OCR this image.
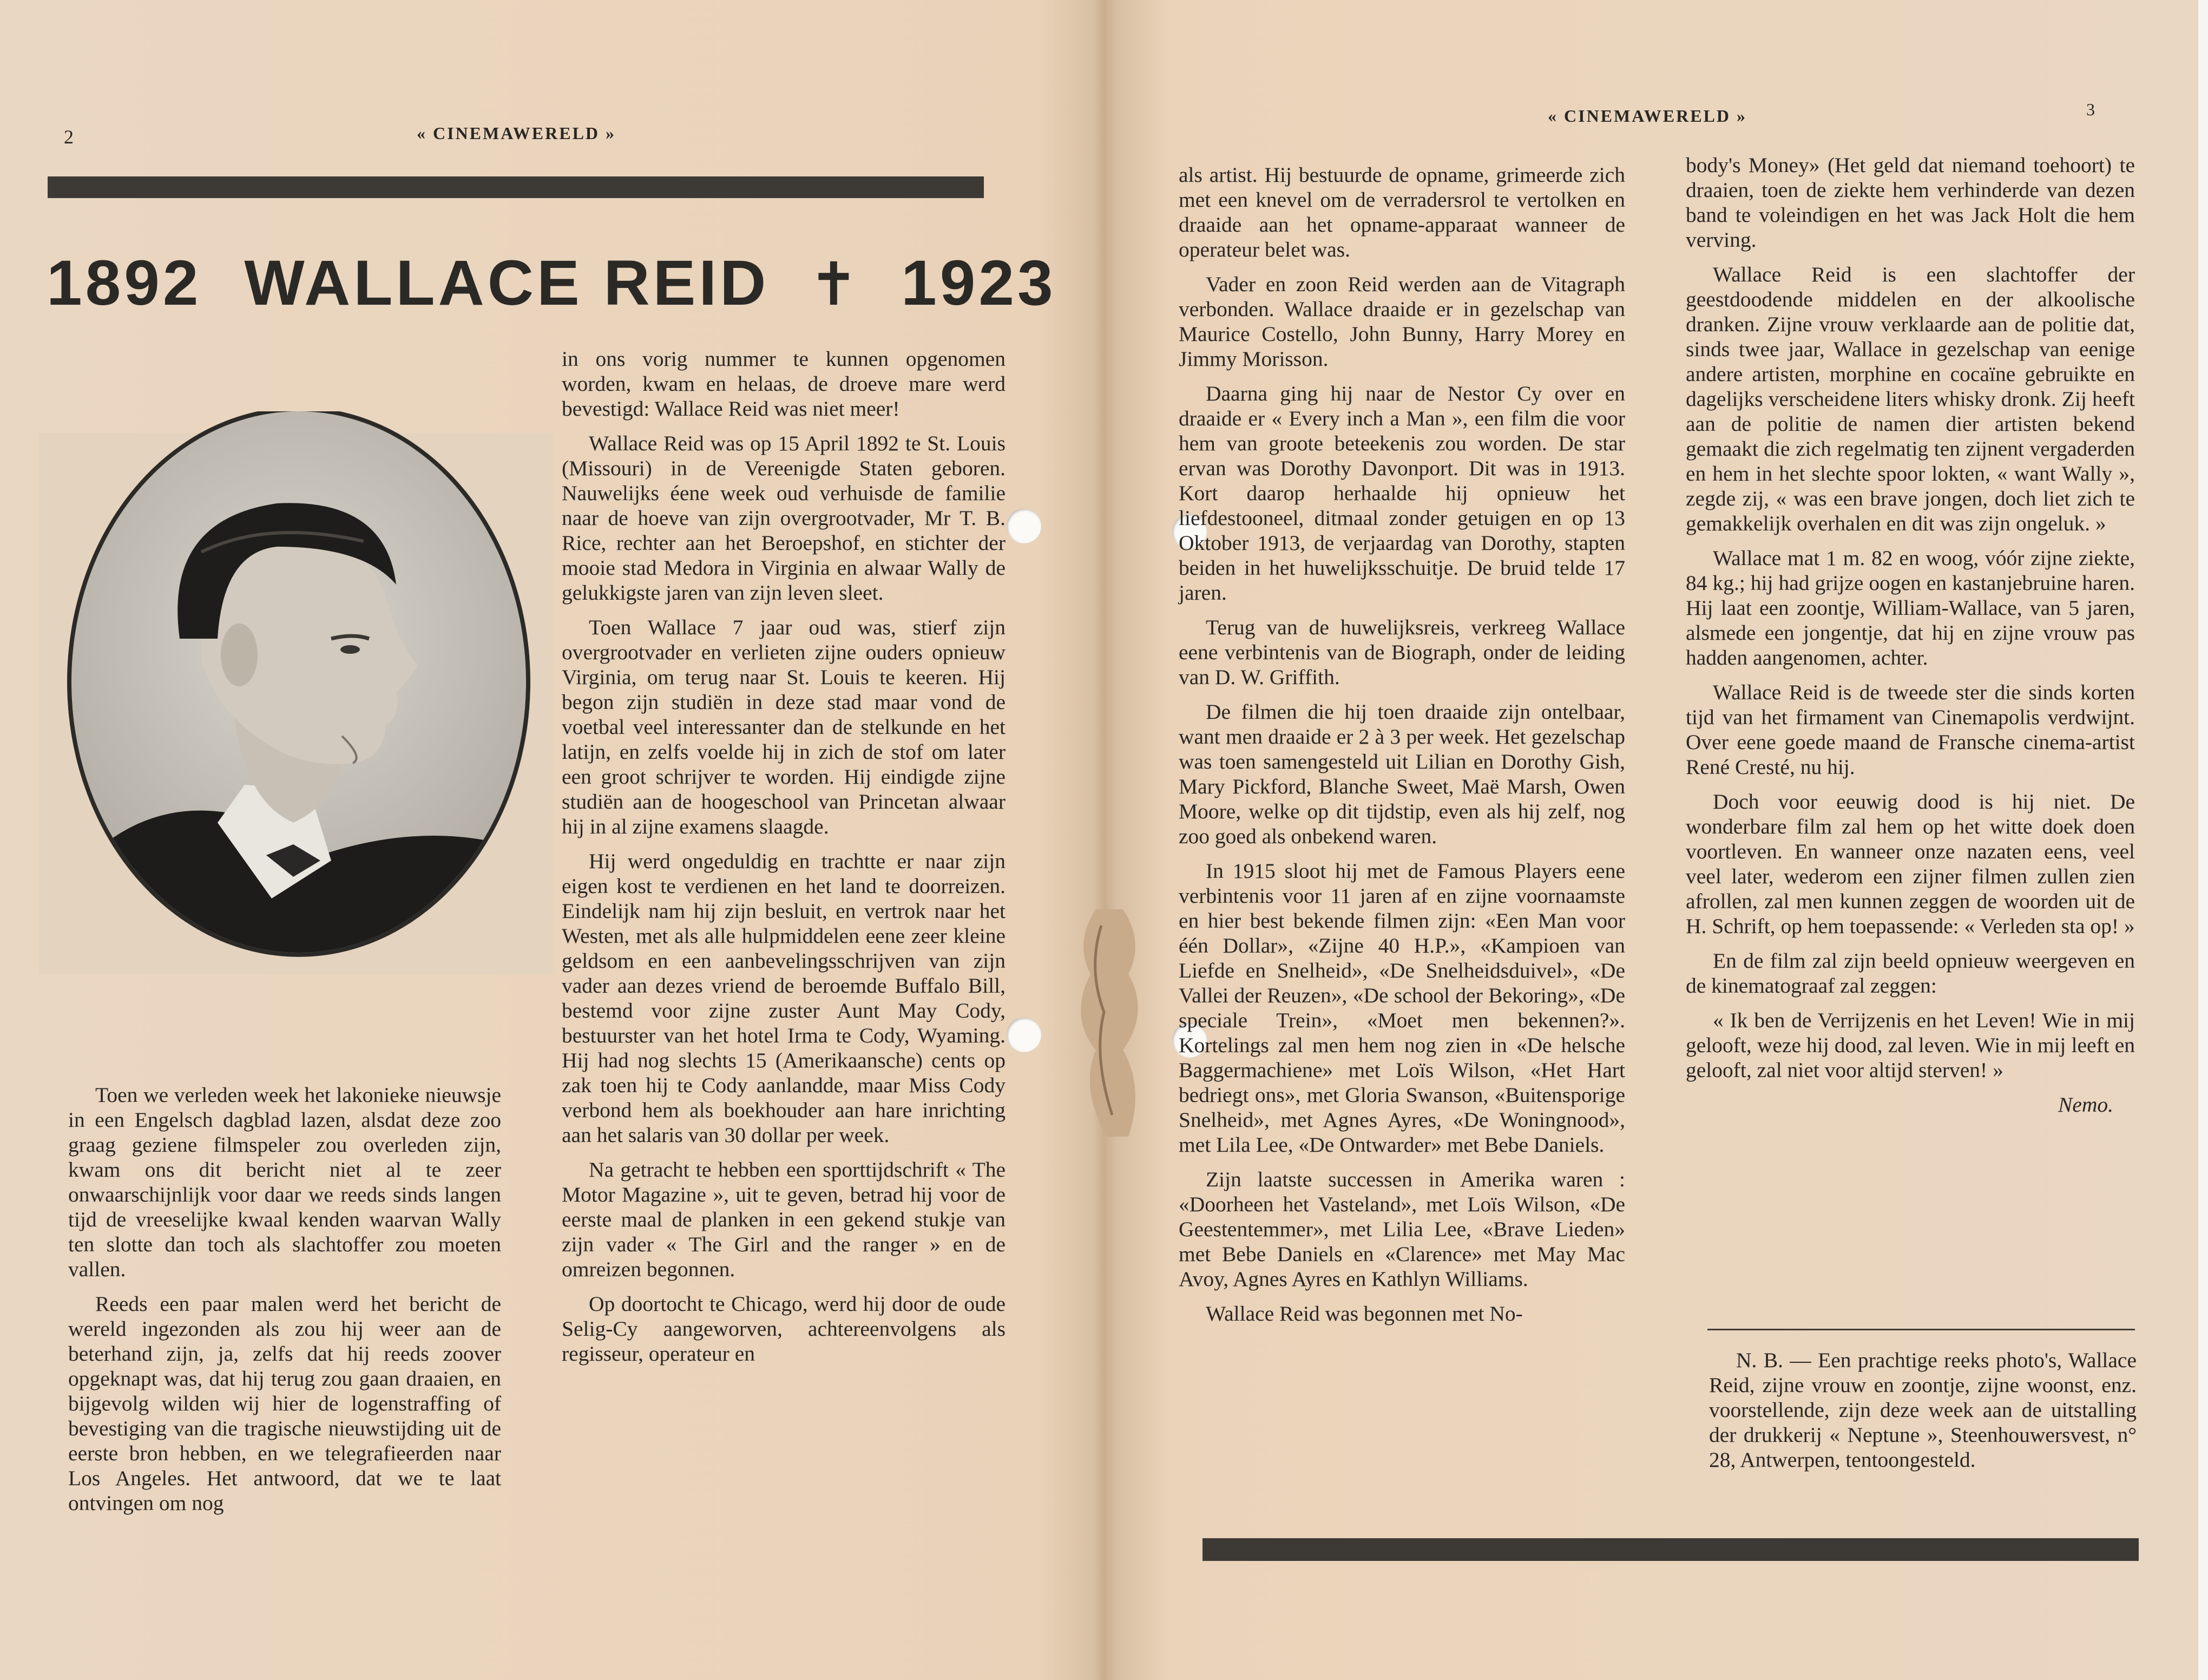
2	« CINEMAWERELD »

1892 WALLACE REID ✝ 1923

Toen we verleden week het lakonieke nieuwsje in een Engelsch dagblad lazen, alsdat deze zoo graag geziene filmspeler zou overleden zijn, kwam ons dit bericht niet al te zeer onwaarschijnlijk voor daar we reeds sinds langen tijd de vreeselijke kwaal kenden waarvan Wally ten slotte dan toch als slachtoffer zou moeten vallen.

Reeds een paar malen werd het bericht de wereld ingezonden als zou hij weer aan de beterhand zijn, ja, zelfs dat hij reeds zoover opgeknapt was, dat hij terug zou gaan draaien, en bijgevolg wilden wij hier de logenstraffing of bevestiging van die tragische nieuwstijding uit de eerste bron hebben, en we telegrafieerden naar Los Angeles. Het antwoord, dat we te laat ontvingen om nog

in ons vorig nummer te kunnen opgenomen worden, kwam en helaas, de droeve mare werd bevestigd: Wallace Reid was niet meer!

Wallace Reid was op 15 April 1892 te St. Louis (Missouri) in de Vereenigde Staten geboren. Nauwelijks éene week oud verhuisde de familie naar de hoeve van zijn overgrootvader, Mr T. B. Rice, rechter aan het Beroepshof, en stichter der mooie stad Medora in Virginia en alwaar Wally de gelukkigste jaren van zijn leven sleet.

Toen Wallace 7 jaar oud was, stierf zijn overgrootvader en verlieten zijne ouders opnieuw Virginia, om terug naar St. Louis te keeren. Hij begon zijn studiën in deze stad maar vond de voetbal veel interessanter dan de stelkunde en het latijn, en zelfs voelde hij in zich de stof om later een groot schrijver te worden. Hij eindigde zijne studiën aan de hoogeschool van Princetan alwaar hij in al zijne examens slaagde.

Hij werd ongeduldig en trachtte er naar zijn eigen kost te verdienen en het land te doorreizen. Eindelijk nam hij zijn besluit, en vertrok naar het Westen, met als alle hulpmiddelen eene zeer kleine geldsom en een aanbevelingsschrijven van zijn vader aan dezes vriend de beroemde Buffalo Bill, bestemd voor zijne zuster Aunt May Cody, bestuurster van het hotel Irma te Cody, Wyaming. Hij had nog slechts 15 (Amerikaansche) cents op zak toen hij te Cody aanlandde, maar Miss Cody verbond hem als boekhouder aan hare inrichting aan het salaris van 30 dollar per week.

Na getracht te hebben een sporttijdschrift « The Motor Magazine », uit te geven, betrad hij voor de eerste maal de planken in een gekend stukje van zijn vader « The Girl and the ranger » en de omreizen begonnen.

Op doortocht te Chicago, werd hij door de oude Selig-Cy aangeworven, achtereenvolgens als regisseur, operateur en

« CINEMAWERELD »	3

als artist. Hij bestuurde de opname, grimeerde zich met een knevel om de verradersrol te vertolken en draaide aan het opname-apparaat wanneer de operateur belet was.

Vader en zoon Reid werden aan de Vitagraph verbonden. Wallace draaide er in gezelschap van Maurice Costello, John Bunny, Harry Morey en Jimmy Morisson.

Daarna ging hij naar de Nestor Cy over en draaide er « Every inch a Man », een film die voor hem van groote beteekenis zou worden. De star ervan was Dorothy Davonport. Dit was in 1913. Kort daarop herhaalde hij opnieuw het liefdestooneel, ditmaal zonder getuigen en op 13 Oktober 1913, de verjaardag van Dorothy, stapten beiden in het huwelijksschuitje. De bruid telde 17 jaren.

Terug van de huwelijksreis, verkreeg Wallace eene verbintenis van de Biograph, onder de leiding van D. W. Griffith.

De filmen die hij toen draaide zijn ontelbaar, want men draaide er 2 à 3 per week. Het gezelschap was toen samengesteld uit Lilian en Dorothy Gish, Mary Pickford, Blanche Sweet, Maë Marsh, Owen Moore, welke op dit tijdstip, even als hij zelf, nog zoo goed als onbekend waren.

In 1915 sloot hij met de Famous Players eene verbintenis voor 11 jaren af en zijne voornaamste en hier best bekende filmen zijn: «Een Man voor één Dollar», «Zijne 40 H.P.», «Kampioen van Liefde en Snelheid», «De Snelheidsduivel», «De Vallei der Reuzen», «De school der Bekoring», «De speciale Trein», «Moet men bekennen?». Kortelings zal men hem nog zien in «De helsche Baggermachiene» met Loïs Wilson, «Het Hart bedriegt ons», met Gloria Swanson, «Buitensporige Snelheid», met Agnes Ayres, «De Woningnood», met Lila Lee, «De Ontwarder» met Bebe Daniels.

Zijn laatste successen in Amerika waren : «Doorheen het Vasteland», met Loïs Wilson, «De Geestentemmer», met Lilia Lee, «Brave Lieden» met Bebe Daniels en «Clarence» met May Mac Avoy, Agnes Ayres en Kathlyn Williams.

Wallace Reid was begonnen met No-

body's Money» (Het geld dat niemand toehoort) te draaien, toen de ziekte hem verhinderde van dezen band te voleindigen en het was Jack Holt die hem verving.

Wallace Reid is een slachtoffer der geestdoodende middelen en der alkoolische dranken. Zijne vrouw verklaarde aan de politie dat, sinds twee jaar, Wallace in gezelschap van eenige andere artisten, morphine en cocaïne gebruikte en dagelijks verscheidene liters whisky dronk. Zij heeft aan de politie de namen dier artisten bekend gemaakt die zich regelmatig ten zijnent vergaderden en hem in het slechte spoor lokten, « want Wally », zegde zij, « was een brave jongen, doch liet zich te gemakkelijk overhalen en dit was zijn ongeluk. »

Wallace mat 1 m. 82 en woog, vóór zijne ziekte, 84 kg.; hij had grijze oogen en kastanjebruine haren. Hij laat een zoontje, William-Wallace, van 5 jaren, alsmede een jongentje, dat hij en zijne vrouw pas hadden aangenomen, achter.

Wallace Reid is de tweede ster die sinds korten tijd van het firmament van Cinemapolis verdwijnt. Over eene goede maand de Fransche cinema-artist René Cresté, nu hij.

Doch voor eeuwig dood is hij niet. De wonderbare film zal hem op het witte doek doen voortleven. En wanneer onze nazaten eens, veel veel later, wederom een zijner filmen zullen zien afrollen, zal men kunnen zeggen de woorden uit de H. Schrift, op hem toepassende: « Verleden sta op! »

En de film zal zijn beeld opnieuw weergeven en de kinematograaf zal zeggen:

« Ik ben de Verrijzenis en het Leven! Wie in mij gelooft, weze hij dood, zal leven. Wie in mij leeft en gelooft, zal niet voor altijd sterven! »

Nemo.

N. B. — Een prachtige reeks photo's, Wallace Reid, zijne vrouw en zoontje, zijne woonst, enz. voorstellende, zijn deze week aan de uitstalling der drukkerij « Neptune », Steenhouwersvest, n° 28, Antwerpen, tentoongesteld.
